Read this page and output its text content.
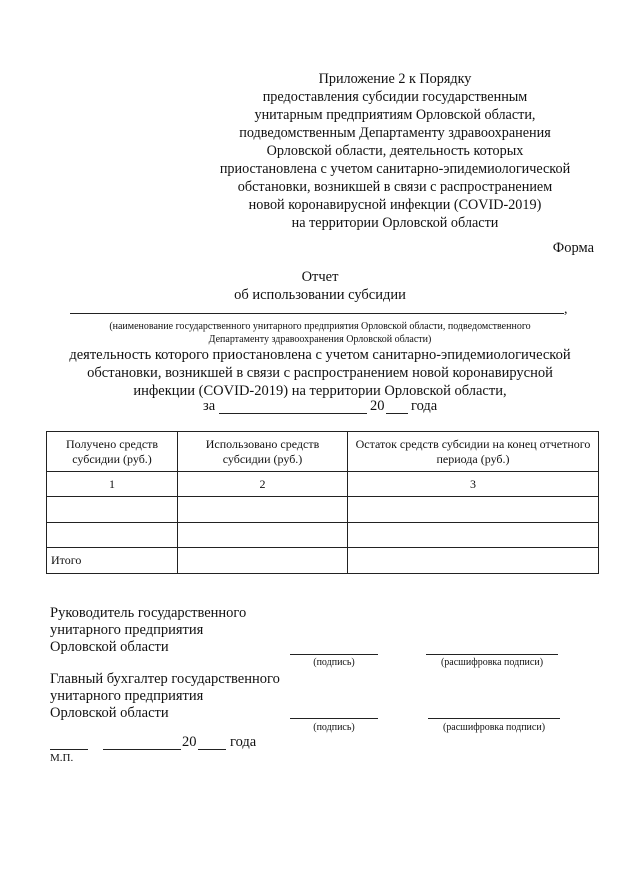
Приложение 2 к Порядку
предоставления субсидии государственным
унитарным предприятиям Орловской области,
подведомственным Департаменту здравоохранения
Орловской области, деятельность которых
приостановлена с учетом санитарно-эпидемиологической
обстановки, возникшей в связи с распространением
новой коронавирусной инфекции (COVID-2019)
на территории Орловской области
Форма
Отчет
об использовании субсидии
,
(наименование государственного унитарного предприятия Орловской области, подведомственного
Департаменту здравоохранения Орловской области)
деятельность которого приостановлена с учетом санитарно-эпидемиологической
обстановки, возникшей в связи с распространением новой коронавирусной
инфекции (COVID-2019) на территории Орловской области,
за	20 года
Получено средств субсидии (руб.)	Использовано средств субсидии (руб.)	Остаток средств субсидии на конец отчетного периода (руб.)
1	2	3

Итого		
Руководитель государственного
унитарного предприятия
Орловской области
(подпись)	(расшифровка подписи)
Главный бухгалтер государственного
унитарного предприятия
Орловской области
(подпись)	(расшифровка подписи)
20 года
М.П.
